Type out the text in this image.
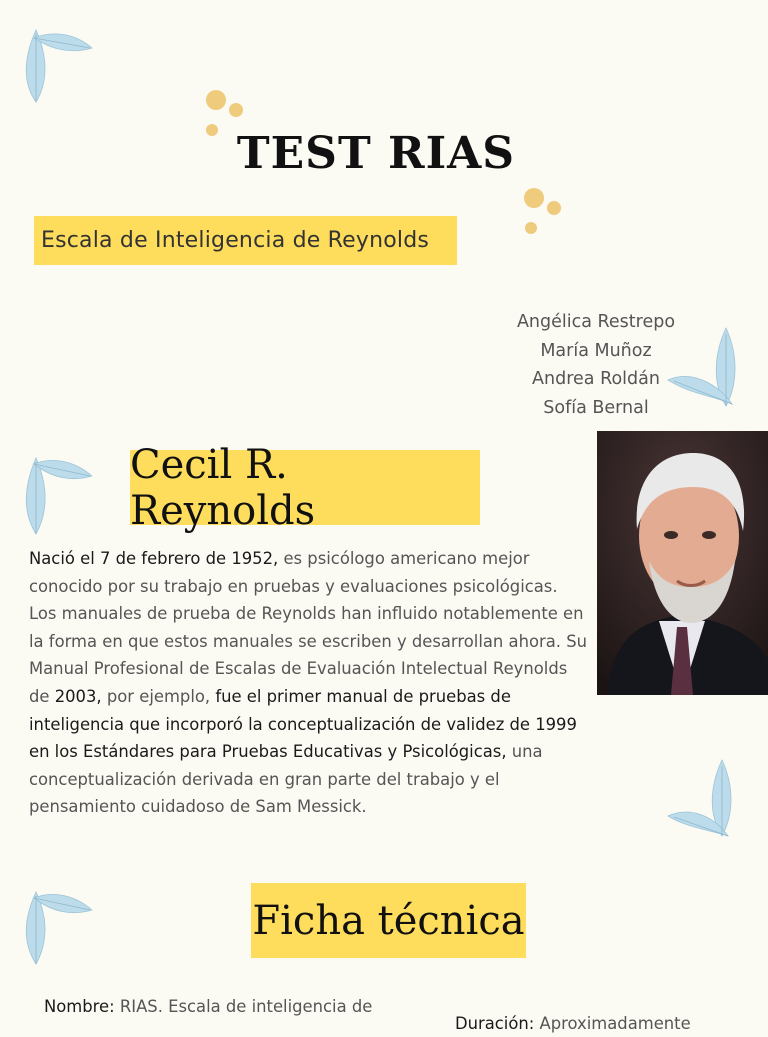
TEST RIAS
Escala de Inteligencia de Reynolds
Angélica Restrepo
María Muñoz
Andrea Roldán
Sofía Bernal
Cecil R. Reynolds
Nació el 7 de febrero de 1952, es psicólogo americano mejor conocido por su trabajo en pruebas y evaluaciones psicológicas. Los manuales de prueba de Reynolds han influido notablemente en la forma en que estos manuales se escriben y desarrollan ahora. Su Manual Profesional de Escalas de Evaluación Intelectual Reynolds de 2003, por ejemplo, fue el primer manual de pruebas de inteligencia que incorporó la conceptualización de validez de 1999 en los Estándares para Pruebas Educativas y Psicológicas, una conceptualización derivada en gran parte del trabajo y el pensamiento cuidadoso de Sam Messick.
Ficha técnica
Nombre: RIAS. Escala de inteligencia de
Duración: Aproximadamente
